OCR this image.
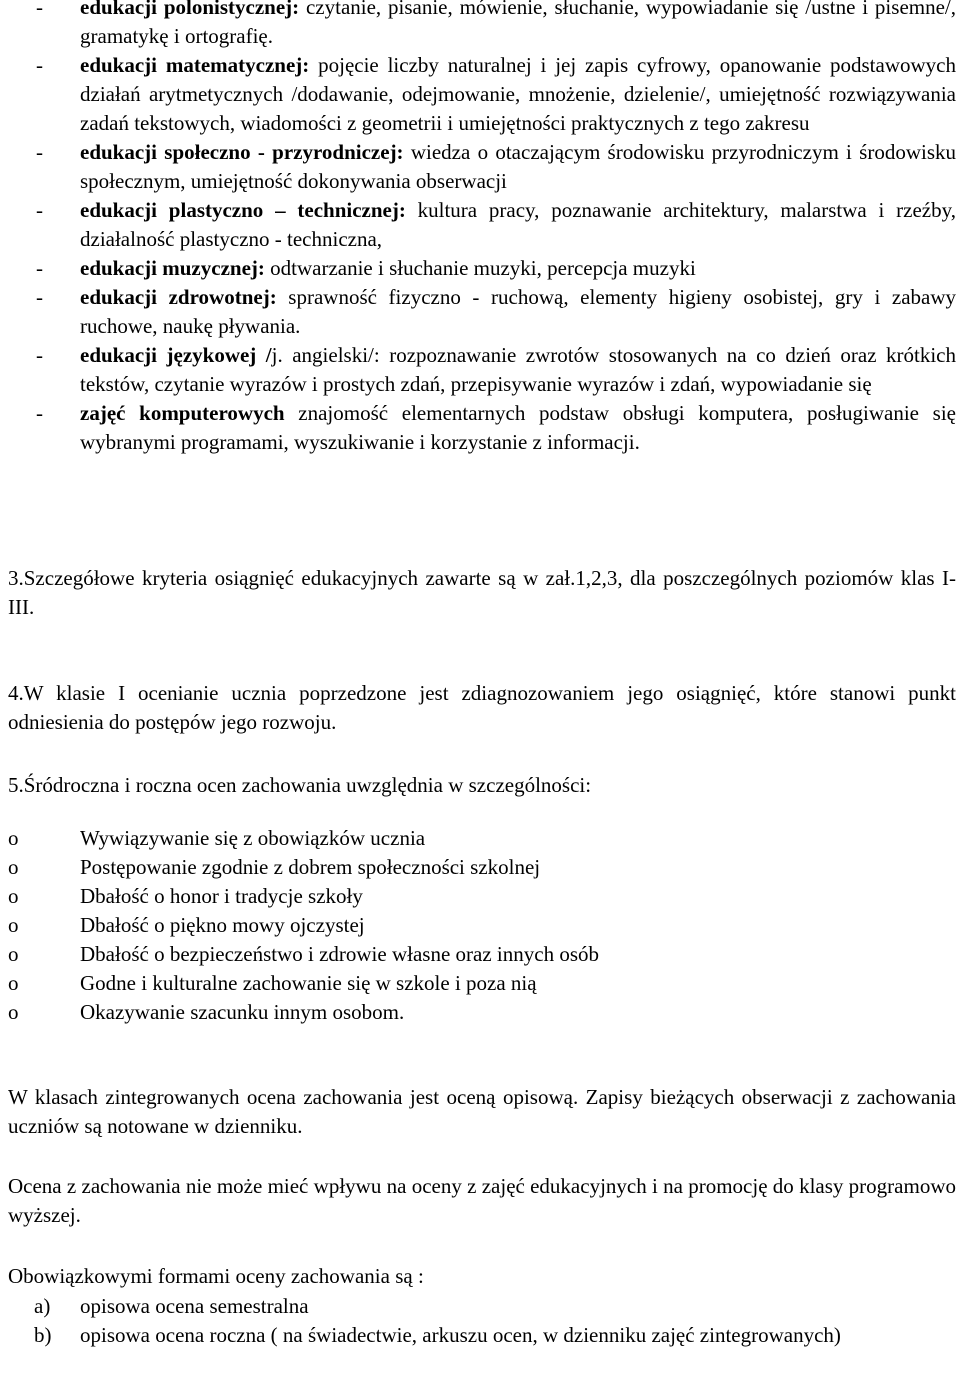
- edukacji polonistycznej: czytanie, pisanie, mówienie, słuchanie, wypowiadanie się /ustne i pisemne/, gramatykę i ortografię.
- edukacji matematycznej: pojęcie liczby naturalnej i jej zapis cyfrowy, opanowanie podstawowych działań arytmetycznych /dodawanie, odejmowanie, mnożenie, dzielenie/, umiejętność rozwiązywania zadań tekstowych, wiadomości z geometrii i umiejętności praktycznych z tego zakresu
- edukacji społeczno - przyrodniczej: wiedza o otaczającym środowisku przyrodniczym i środowisku społecznym, umiejętność dokonywania obserwacji
- edukacji plastyczno – technicznej: kultura pracy, poznawanie architektury, malarstwa i rzeźby, działalność plastyczno - techniczna,
- edukacji muzycznej: odtwarzanie i słuchanie muzyki, percepcja muzyki
- edukacji zdrowotnej: sprawność fizyczno - ruchową, elementy higieny osobistej, gry i zabawy ruchowe, naukę pływania.
- edukacji językowej /j. angielski/: rozpoznawanie zwrotów stosowanych na co dzień oraz krótkich tekstów, czytanie wyrazów i prostych zdań, przepisywanie wyrazów i zdań, wypowiadanie się
- zajęć komputerowych znajomość elementarnych podstaw obsługi komputera, posługiwanie się wybranymi programami, wyszukiwanie i korzystanie z informacji.

3.Szczegółowe kryteria osiągnięć edukacyjnych zawarte są w zał.1,2,3, dla poszczególnych poziomów klas I-III.

4.W klasie I ocenianie ucznia poprzedzone jest zdiagnozowaniem jego osiągnięć, które stanowi punkt odniesienia do postępów jego rozwoju.

5.Śródroczna i roczna ocen zachowania uwzględnia w szczególności:

o	Wywiązywanie się z obowiązków ucznia
o	Postępowanie zgodnie z dobrem społeczności szkolnej
o	Dbałość o honor i tradycje szkoły
o	Dbałość o piękno mowy ojczystej
o	Dbałość o bezpieczeństwo i zdrowie własne oraz innych osób
o	Godne i kulturalne zachowanie się w szkole i poza nią
o	Okazywanie szacunku innym osobom.

W klasach zintegrowanych ocena zachowania jest oceną opisową. Zapisy bieżących obserwacji z zachowania uczniów są notowane w dzienniku.

Ocena z zachowania nie może mieć wpływu na oceny z zajęć edukacyjnych i na promocję do klasy programowo wyższej.

Obowiązkowymi formami oceny zachowania są :

a) opisowa ocena semestralna
b) opisowa ocena roczna ( na świadectwie, arkuszu ocen, w dzienniku zajęć zintegrowanych)
